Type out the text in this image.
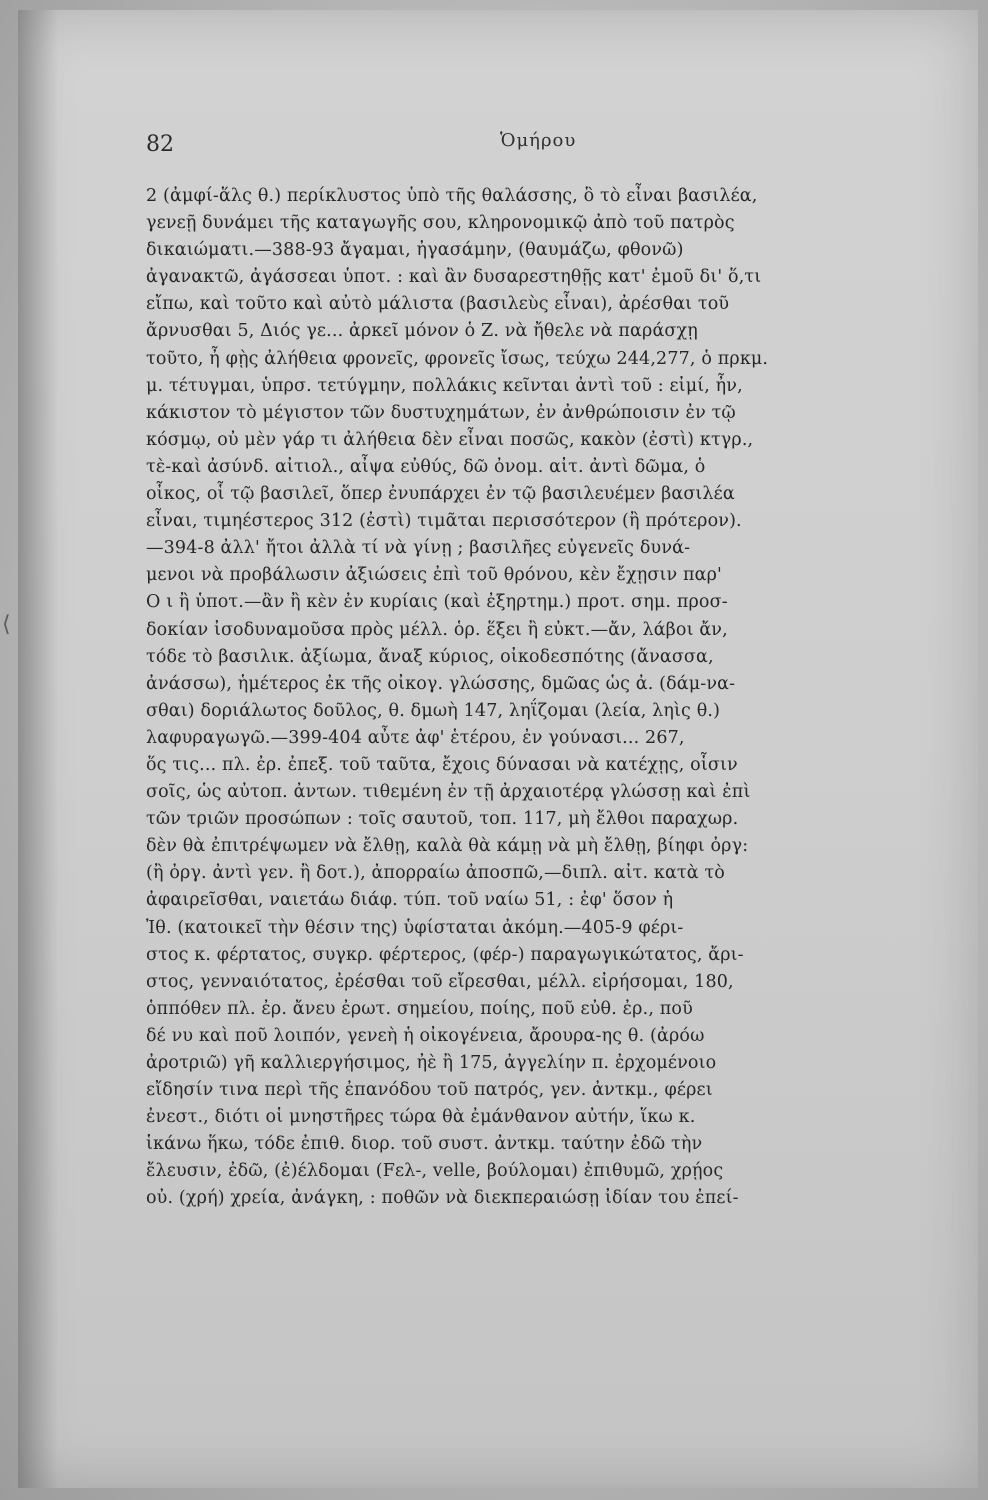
82	Ὁμήρου
⟨
2 (ἀμφί-ἅλς θ.) περίκλυστος ὑπὸ τῆς θαλάσσης, ὃ τὸ εἶναι βασιλέα,
γενεῇ δυνάμει τῆς καταγωγῆς σου, κληρονομικῷ ἀπὸ τοῦ πατρὸς
δικαιώματι.—388-93 ἄγαμαι, ἠγασάμην, (θαυμάζω, φθονῶ)
ἀγανακτῶ, ἀγάσσεαι ὑποτ. : καὶ ἂν δυσαρεστηθῇς κατ' ἐμοῦ δι' ὅ,τι
εἴπω, καὶ τοῦτο καὶ αὐτὸ μάλιστα (βασιλεὺς εἶναι), ἀρέσθαι τοῦ
ἄρνυσθαι 5, Διός γε... ἀρκεῖ μόνον ὁ Ζ. νὰ ἤθελε νὰ παράσχῃ
τοῦτο, ἦ φῂς ἀλήθεια φρονεῖς, φρονεῖς ἴσως, τεύχω 244,277, ὁ πρκμ.
μ. τέτυγμαι, ὑπρσ. τετύγμην, πολλάκις κεῖνται ἀντὶ τοῦ : εἰμί, ἦν,
κάκιστον τὸ μέγιστον τῶν δυστυχημάτων, ἐν ἀνθρώποισιν ἐν τῷ
κόσμῳ, οὐ μὲν γάρ τι ἀλήθεια δὲν εἶναι ποσῶς, κακὸν (ἐστὶ) κτγρ.,
τὲ-καὶ ἀσύνδ. αἰτιολ., αἶψα εὐθύς, δῶ ὀνομ. αἰτ. ἀντὶ δῶμα, ὁ
οἶκος, οἷ τῷ βασιλεῖ, ὅπερ ἐνυπάρχει ἐν τῷ βασιλευέμεν βασιλέα
εἶναι, τιμηέστερος 312 (ἐστὶ) τιμᾶται περισσότερον (ἢ πρότερον).
—394-8 ἀλλ' ἤτοι ἀλλὰ τί νὰ γίνῃ ; βασιλῆες εὐγενεῖς δυνά-
μενοι νὰ προβάλωσιν ἀξιώσεις ἐπὶ τοῦ θρόνου, κὲν ἔχῃσιν παρ'
Ο ι ἢ ὑποτ.—ἂν ἢ κὲν ἐν κυρίαις (καὶ ἐξηρτημ.) προτ. σημ. προσ-
δοκίαν ἰσοδυναμοῦσα πρὸς μέλλ. ὁρ. ἕξει ἢ εὐκτ.—ἄν, λάβοι ἄν,
τόδε τὸ βασιλικ. ἀξίωμα, ἄναξ κύριος, οἰκοδεσπότης (ἄνασσα,
ἀνάσσω), ἡμέτερος ἐκ τῆς οἰκογ. γλώσσης, δμῶας ὡς ἀ. (δάμ-να-
σθαι) δοριάλωτος δοῦλος, θ. δμωὴ 147, ληΐζομαι (λεία, ληὶς θ.)
λαφυραγωγῶ.—399-404 αὖτε ἀφ' ἑτέρου, ἐν γούνασι... 267,
ὅς τις... πλ. ἐρ. ἐπεξ. τοῦ ταῦτα, ἔχοις δύνασαι νὰ κατέχῃς, οἷσιν
σοῖς, ὡς αὐτοπ. ἀντων. τιθεμένη ἐν τῇ ἀρχαιοτέρᾳ γλώσσῃ καὶ ἐπὶ
τῶν τριῶν προσώπων : τοῖς σαυτοῦ, τοπ. 117, μὴ ἔλθοι παραχωρ.
δὲν θὰ ἐπιτρέψωμεν νὰ ἔλθῃ, καλὰ θὰ κάμῃ νὰ μὴ ἔλθῃ, βίηφι ὀργ:
(ἢ ὀργ. ἀντὶ γεν. ἢ δοτ.), ἀπορραίω ἀποσπῶ,—διπλ. αἰτ. κατὰ τὸ
ἀφαιρεῖσθαι, ναιετάω διάφ. τύπ. τοῦ ναίω 51, : ἐφ' ὅσον ἡ
Ἰθ. (κατοικεῖ τὴν θέσιν της) ὑφίσταται ἀκόμη.—405-9 φέρι-
στος κ. φέρτατος, συγκρ. φέρτερος, (φέρ-) παραγωγικώτατος, ἄρι-
στος, γενναιότατος, ἐρέσθαι τοῦ εἴρεσθαι, μέλλ. εἰρήσομαι, 180,
ὁππόθεν πλ. ἐρ. ἄνευ ἐρωτ. σημείου, ποίης, ποῦ εὐθ. ἐρ., ποῦ
δέ νυ καὶ ποῦ λοιπόν, γενεὴ ἡ οἰκογένεια, ἄρουρα-ης θ. (ἀρόω
ἀροτριῶ) γῆ καλλιεργήσιμος, ἠὲ ἢ 175, ἀγγελίην π. ἐρχομένοιο
εἴδησίν τινα περὶ τῆς ἐπανόδου τοῦ πατρός, γεν. ἀντκμ., φέρει
ἐνεστ., διότι οἱ μνηστῆρες τώρα θὰ ἐμάνθανον αὐτήν, ἵκω κ.
ἱκάνω ἥκω, τόδε ἐπιθ. διορ. τοῦ συστ. ἀντκμ. ταύτην ἐδῶ τὴν
ἔλευσιν, ἐδῶ, (ἐ)έλδομαι (Fελ-, velle, βούλομαι) ἐπιθυμῶ, χρῄος
οὐ. (χρή) χρεία, ἀνάγκη, : ποθῶν νὰ διεκπεραιώσῃ ἰδίαν του ἐπεί-
